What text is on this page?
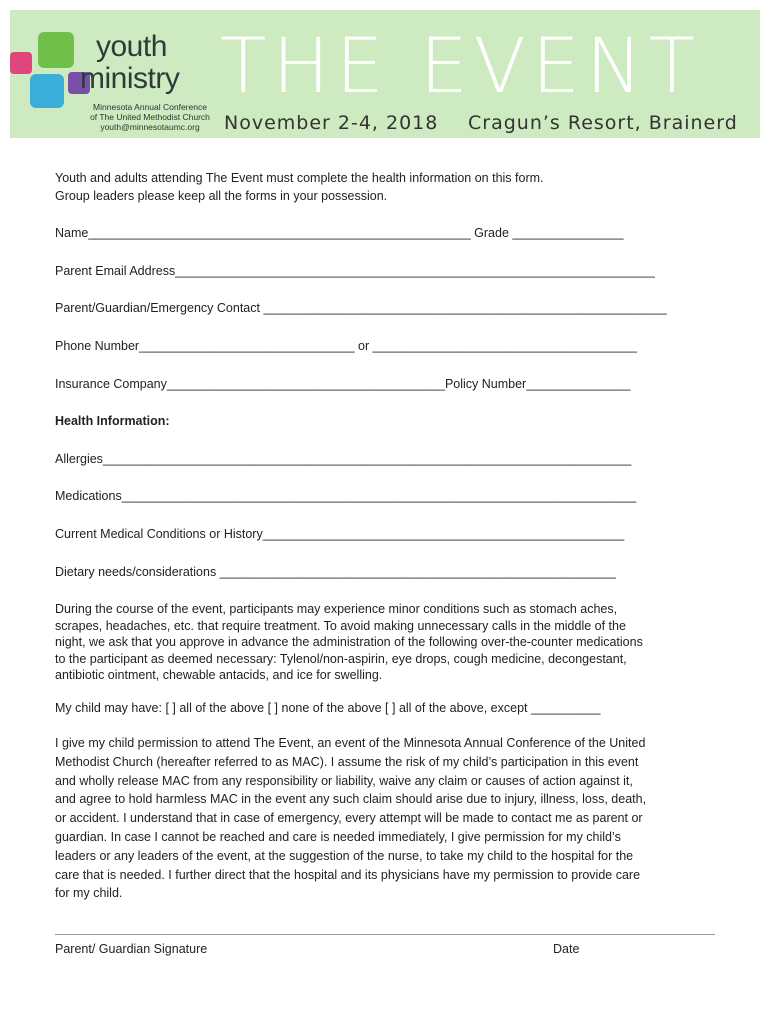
youth
ministry
Minnesota Annual Conference
of The United Methodist Church
youth@minnesotaumc.org
THE EVENT
November 2-4, 2018 Cragun’s Resort, Brainerd
Youth and adults attending The Event must complete the health information on this form.
Group leaders please keep all the forms in your possession.
Name_______________________________________________________ Grade ________________
Parent Email Address_____________________________________________________________________
Parent/Guardian/Emergency Contact __________________________________________________________
Phone Number_______________________________ or ______________________________________
Insurance Company________________________________________Policy Number_______________
Health Information:
Allergies____________________________________________________________________________
Medications__________________________________________________________________________
Current Medical Conditions or History____________________________________________________
Dietary needs/considerations _________________________________________________________
During the course of the event, participants may experience minor conditions such as stomach aches,
scrapes, headaches, etc. that require treatment. To avoid making unnecessary calls in the middle of the
night, we ask that you approve in advance the administration of the following over-the-counter medications
to the participant as deemed necessary: Tylenol/non-aspirin, eye drops, cough medicine, decongestant,
antibiotic ointment, chewable antacids, and ice for swelling.
My child may have: [ ] all of the above [ ] none of the above [ ] all of the above, except __________
I give my child permission to attend The Event, an event of the Minnesota Annual Conference of the United
Methodist Church (hereafter referred to as MAC). I assume the risk of my child’s participation in this event
and wholly release MAC from any responsibility or liability, waive any claim or causes of action against it,
and agree to hold harmless MAC in the event any such claim should arise due to injury, illness, loss, death,
or accident. I understand that in case of emergency, every attempt will be made to contact me as parent or
guardian. In case I cannot be reached and care is needed immediately, I give permission for my child’s
leaders or any leaders of the event, at the suggestion of the nurse, to take my child to the hospital for the
care that is needed. I further direct that the hospital and its physicians have my permission to provide care
for my child.
Parent/ Guardian Signature	Date
